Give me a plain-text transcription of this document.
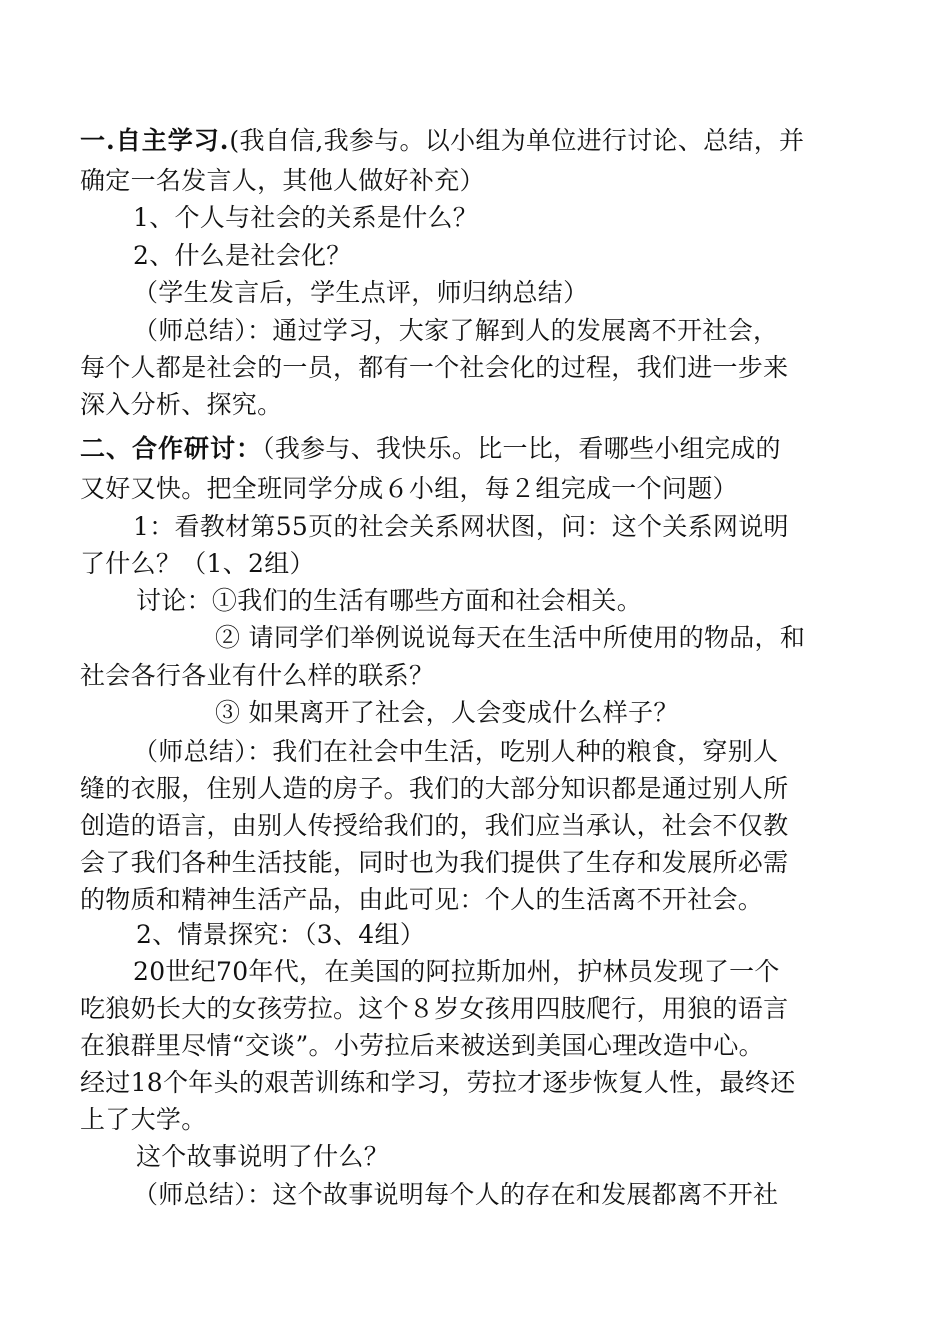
一.自主学习.(我自信,我参与。以小组为单位进行讨论、总结，并
确定一名发言人，其他人做好补充）
1、个人与社会的关系是什么？
2、什么是社会化？
（学生发言后，学生点评，师归纳总结）
（师总结）：通过学习，大家了解到人的发展离不开社会，
每个人都是社会的一员，都有一个社会化的过程，我们进一步来
深入分析、探究。
二、合作研讨：（我参与、我快乐。比一比，看哪些小组完成的
又好又快。把全班同学分成６小组，每２组完成一个问题）
1：看教材第55页的社会关系网状图，问：这个关系网说明
了什么？（1、2组）
讨论：①我们的生活有哪些方面和社会相关。
② 请同学们举例说说每天在生活中所使用的物品，和
社会各行各业有什么样的联系？
③ 如果离开了社会，人会变成什么样子？
（师总结）：我们在社会中生活，吃别人种的粮食，穿别人
缝的衣服，住别人造的房子。我们的大部分知识都是通过别人所
创造的语言，由别人传授给我们的，我们应当承认，社会不仅教
会了我们各种生活技能，同时也为我们提供了生存和发展所必需
的物质和精神生活产品，由此可见：个人的生活离不开社会。
2、情景探究：（3、4组）
20世纪70年代，在美国的阿拉斯加州，护林员发现了一个
吃狼奶长大的女孩劳拉。这个８岁女孩用四肢爬行，用狼的语言
在狼群里尽情“交谈”。小劳拉后来被送到美国心理改造中心。
经过18个年头的艰苦训练和学习，劳拉才逐步恢复人性，最终还
上了大学。
这个故事说明了什么？
（师总结）：这个故事说明每个人的存在和发展都离不开社
